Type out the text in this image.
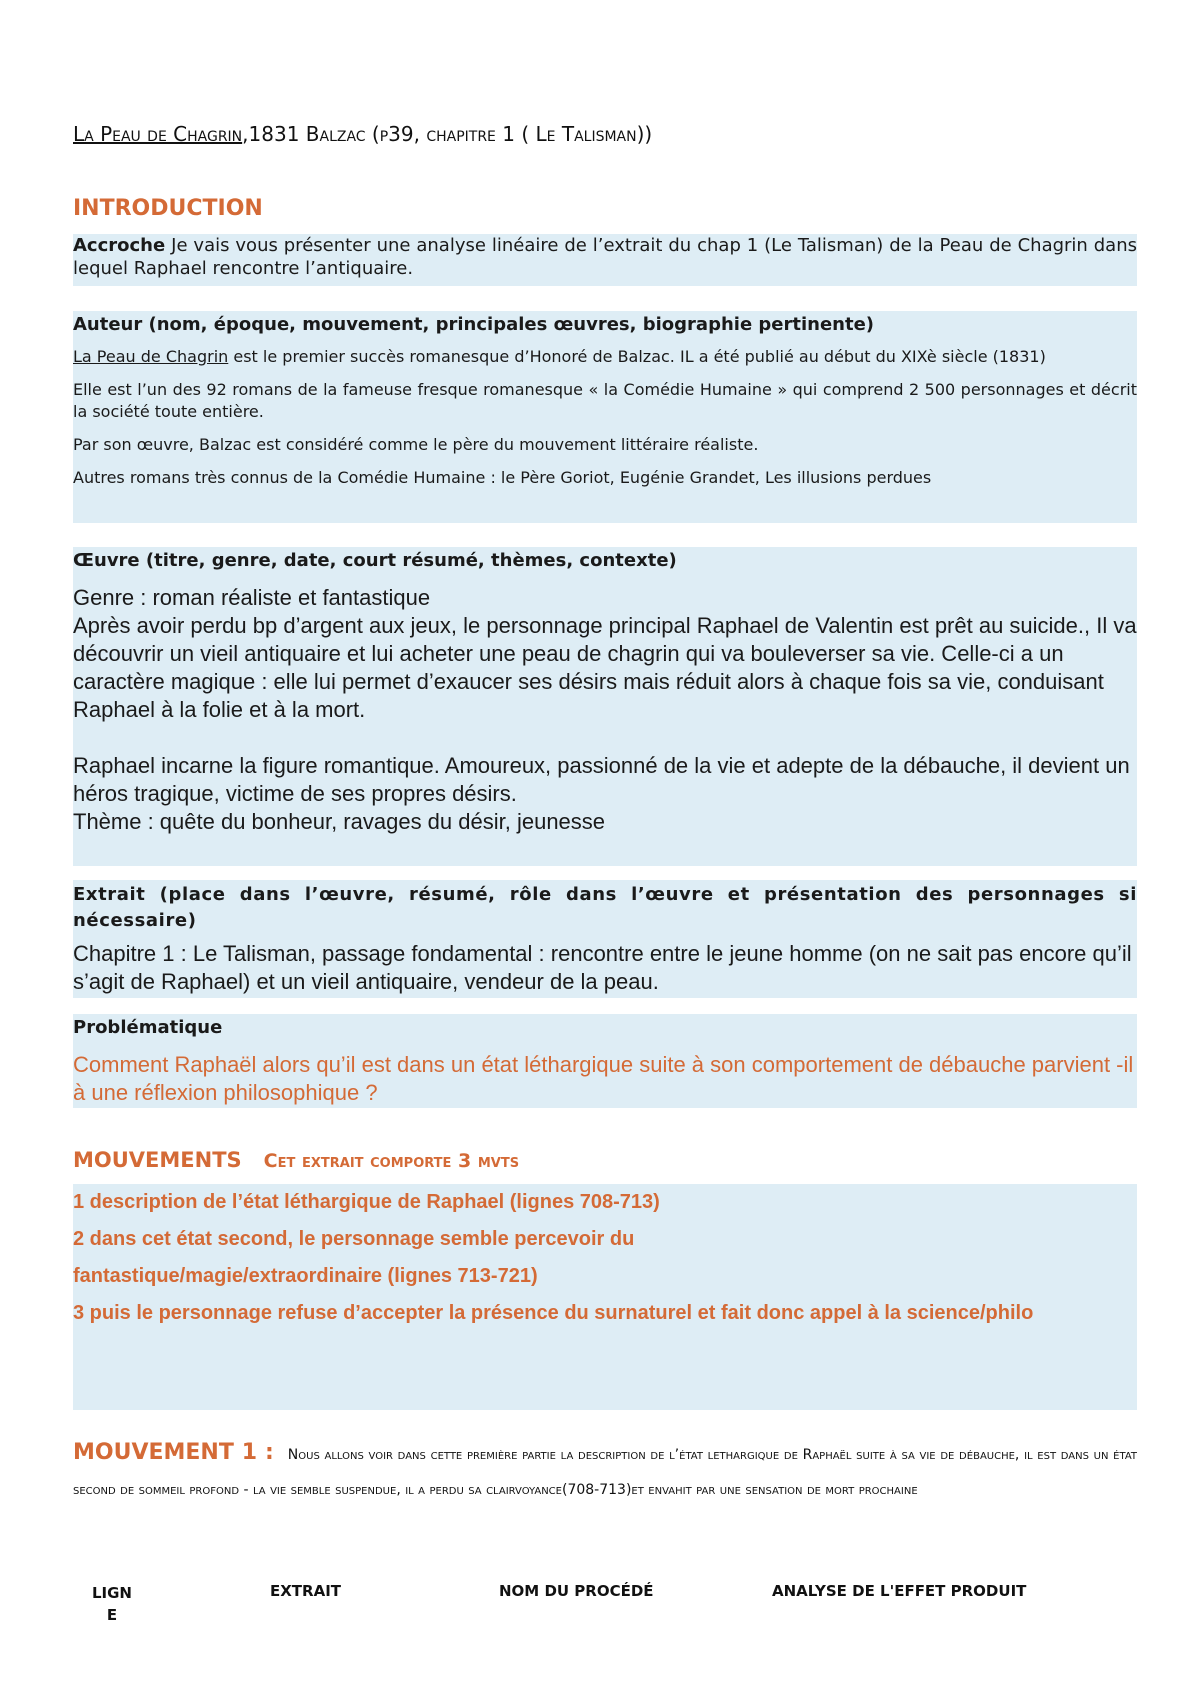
La Peau de Chagrin,1831 Balzac (p39, chapitre 1 ( Le Talisman))
INTRODUCTION

Accroche Je vais vous présenter une analyse linéaire de l’extrait du chap 1 (Le Talisman) de la Peau de Chagrin dans lequel Raphael rencontre l’antiquaire.

Auteur (nom, époque, mouvement, principales œuvres, biographie pertinente)

La Peau de Chagrin est le premier succès romanesque d’Honoré de Balzac. IL a été publié au début du XIXè siècle (1831)

Elle est l’un des 92 romans de la fameuse fresque romanesque « la Comédie Humaine » qui comprend 2 500 personnages et décrit la société toute entière.

Par son œuvre, Balzac est considéré comme le père du mouvement littéraire réaliste.

Autres romans très connus de la Comédie Humaine : le Père Goriot, Eugénie Grandet, Les illusions perdues

Œuvre (titre, genre, date, court résumé, thèmes, contexte)

Genre : roman réaliste et fantastique

Après avoir perdu bp d’argent aux jeux, le personnage principal Raphael de Valentin est prêt au suicide., Il va découvrir un vieil antiquaire et lui acheter une peau de chagrin qui va bouleverser sa vie. Celle-ci a un caractère magique : elle lui permet d’exaucer ses désirs mais réduit alors à chaque fois sa vie, conduisant Raphael à la folie et à la mort.

Raphael incarne la figure romantique. Amoureux, passionné de la vie et adepte de la débauche, il devient un héros tragique, victime de ses propres désirs.

Thème : quête du bonheur, ravages du désir, jeunesse

Extrait (place dans l’œuvre, résumé, rôle dans l’œuvre et présentation des personnages si nécessaire)

Chapitre 1 : Le Talisman, passage fondamental : rencontre entre le jeune homme (on ne sait pas encore qu’il s’agit de Raphael) et un vieil antiquaire, vendeur de la peau.

Problématique

Comment Raphaël alors qu’il est dans un état léthargique suite à son comportement de débauche parvient -il à une réflexion philosophique ?

MOUVEMENTS Cet extrait comporte 3 mvts
1 description de l’état léthargique de Raphael (lignes 708-713)
2 dans cet état second, le personnage semble percevoir du fantastique/magie/extraordinaire (lignes 713-721)
3 puis le personnage refuse d’accepter la présence du surnaturel et fait donc appel à la science/philo
MOUVEMENT 1 : Nous allons voir dans cette première partie la description de l’état lethargique de Raphaël suite à sa vie de débauche, il est dans un état second de sommeil profond - la vie semble suspendue, il a perdu sa clairvoyance(708-713)et envahit par une sensation de mort prochaine
LIGN
E
EXTRAIT	NOM DU PROCÉDÉ	ANALYSE DE L'EFFET PRODUIT
